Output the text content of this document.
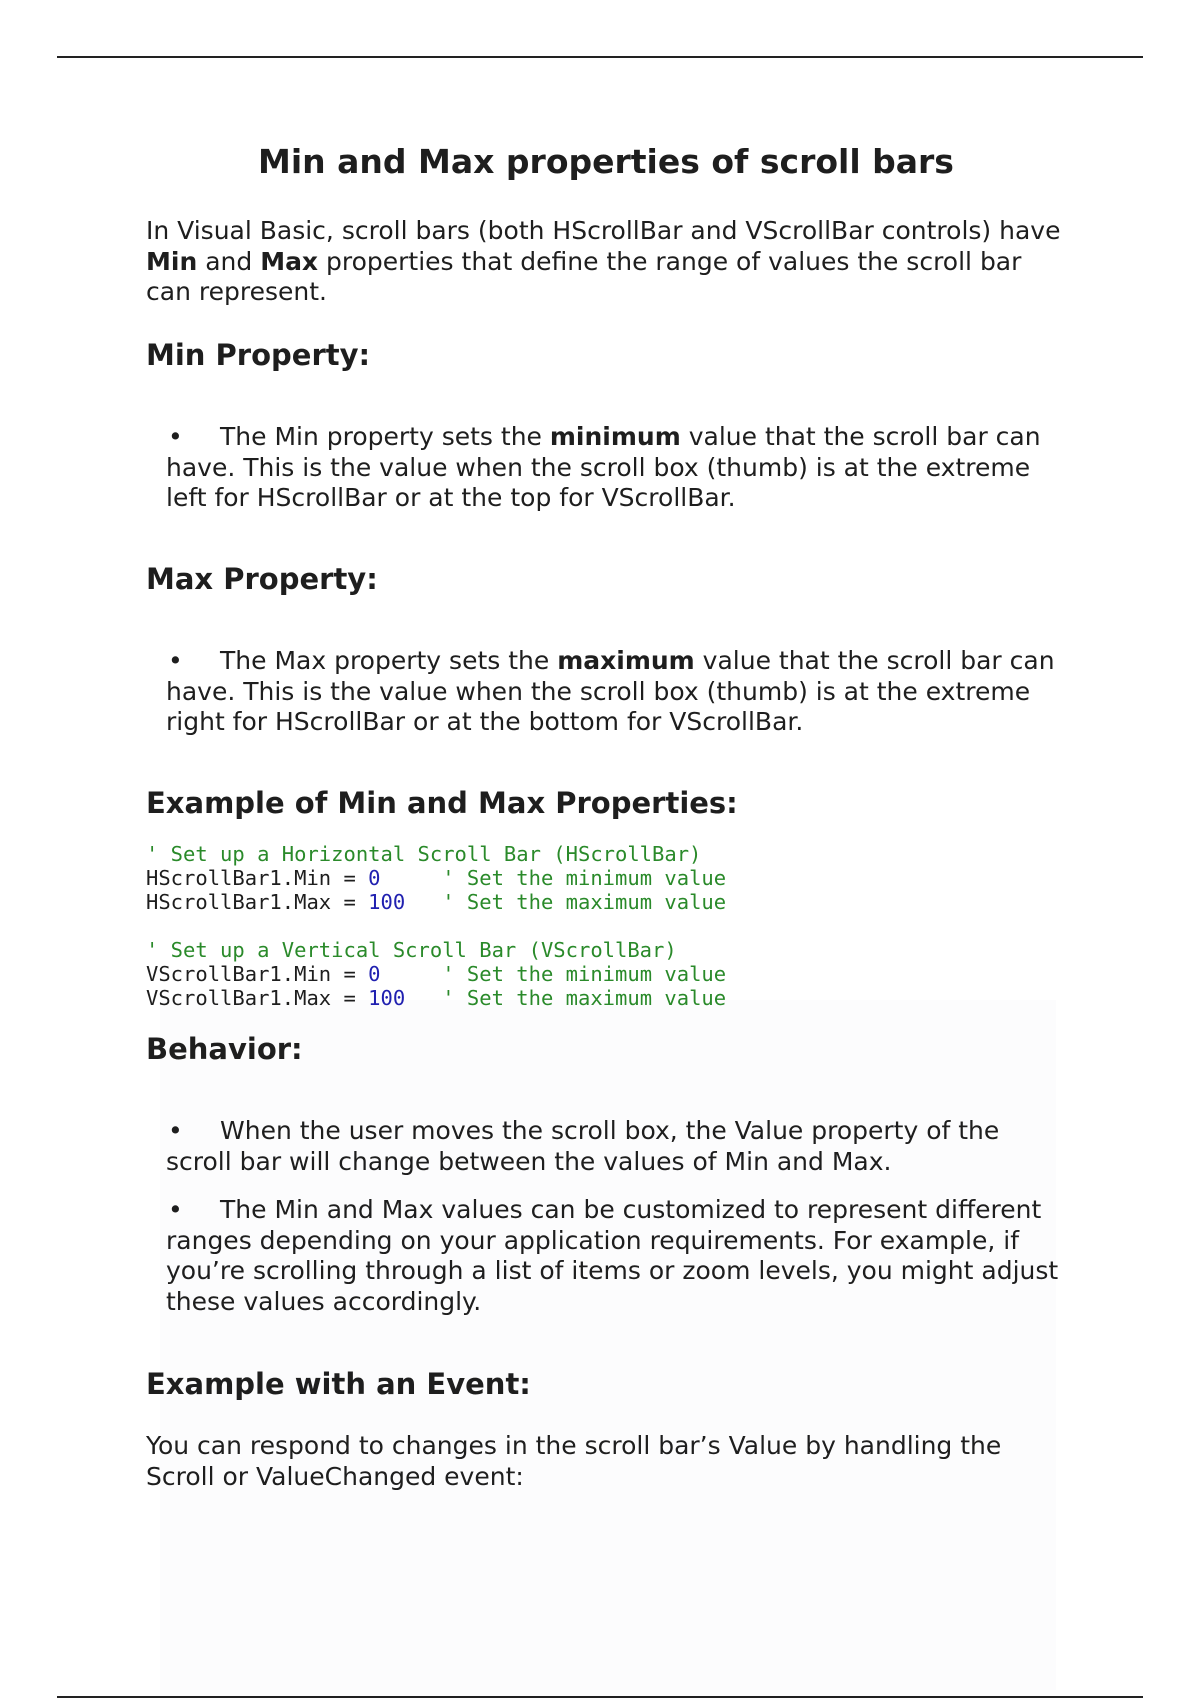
Min and Max properties of scroll bars

In Visual Basic, scroll bars (both HScrollBar and VScrollBar controls) have Min and Max properties that define the range of values the scroll bar can represent.

Min Property:

• The Min property sets the minimum value that the scroll bar can have. This is the value when the scroll box (thumb) is at the extreme left for HScrollBar or at the top for VScrollBar.

Max Property:

• The Max property sets the maximum value that the scroll bar can have. This is the value when the scroll box (thumb) is at the extreme right for HScrollBar or at the bottom for VScrollBar.

Example of Min and Max Properties:
' Set up a Horizontal Scroll Bar (HScrollBar)
HScrollBar1.Min = 0	' Set the minimum value
HScrollBar1.Max = 100 ' Set the maximum value
' Set up a Vertical Scroll Bar (VScrollBar)
VScrollBar1.Min = 0	' Set the minimum value
VScrollBar1.Max = 100 ' Set the maximum value
Behavior:

• When the user moves the scroll box, the Value property of the scroll bar will change between the values of Min and Max.

• The Min and Max values can be customized to represent different ranges depending on your application requirements. For example, if you’re scrolling through a list of items or zoom levels, you might adjust these values accordingly.

Example with an Event:

You can respond to changes in the scroll bar’s Value by handling the Scroll or ValueChanged event:
